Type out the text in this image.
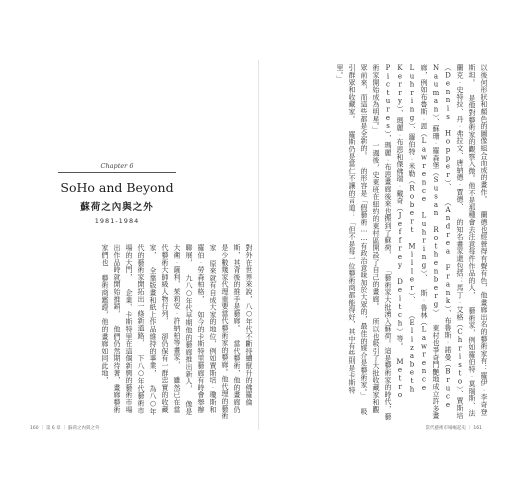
Chapter 6
SoHo and Beyond
蘇荷之內與之外
1981-1984
對外在世界來說，八○年代不斷持續竄升的佛羅倫斯，其背後的推手是藝廊。 當代藝術，他的畫廊仍是少數幾家代理重要當代藝術家的藝廊。他代理的藝術家 原來就有自成大家的地位，例如賈斯培‧瓊斯和羅伯‧勞森柏格， 如今的卡斯特里藝廊有時會舉辦聯展， 九八○年代早期他的藝廊推出新人， 像是大衛‧薩利、茱莉安‧許納柏等畫家， 雖然已在當代藝術大師級人物行列， 卻仍保有一群忠實的收藏家， 全靠版畫和紙上作品維持的事業， 為八○年代的藝術家開拓出一條新道路， 下八○年代藝術市場的大門， 企業、卡斯特里在這個新興的藝術市場 出作品時就開始推銷， 他們仍然期待著，畫廊藝術家們也 藝術商鑑證，他的畫廊如同此地，
160 ｜ 第 6 章 ｜ 蘇荷之內與之外
以後何形狀和顏色的圖像組合而成的畫作。 蘭德也經營得有聲有色，他畫廊出名的藝術家有：羅伊‧李奇登斯坦。 是他對藝術家的觀察入微。他不是那種會去注意每件作品的人， 藝術家，例如羅伯特‧莫瑞斯、法蘭克‧史特拉、丹‧弗拉文、唐納德‧賈德、 的知名畫家還包括：馬丁‧艾格（Christo）、賈斯培（Dennis Hopper）、 （Andrea Frank）、布魯斯‧諾曼（Bruce Nauman）、蘇珊‧羅森堡（Susan Rothenberg） 東村也爭奇鬥艷地成立許多畫廊，例如布魯斯‧恩（Lawrence Luhring）、 斯‧魯林（Lawrence Luhring）、羅伯特‧米勒（Robert Miller）、 （Elizabeth Kerry）、瑪麗‧布恩和傑佛瑞‧戴奇（Jeffrey Deitch）等。 Metro Pictures），瑪麗‧布恩畫廊後來也搬到了蘇荷， 「藝術家大批湧入蘇荷。這是藝術家的時代，藝術家開始成為明星。」 一週後，史東班在紐約的東村區開設了自己的畫廊。 所以也吸引了大批收藏家和觀眾前來，而這些都是全新的。 的形容是「假藝術……有政治意味加於大眾的，最佳的媒介是藝術家。」 吸引群眾和收藏家。 羅斯仍是當仁不讓的言道：「但不是每一位藝術商都能得好，其中有些則是卡斯特 里。」
當代藝術市場崛起史 ｜ 161
